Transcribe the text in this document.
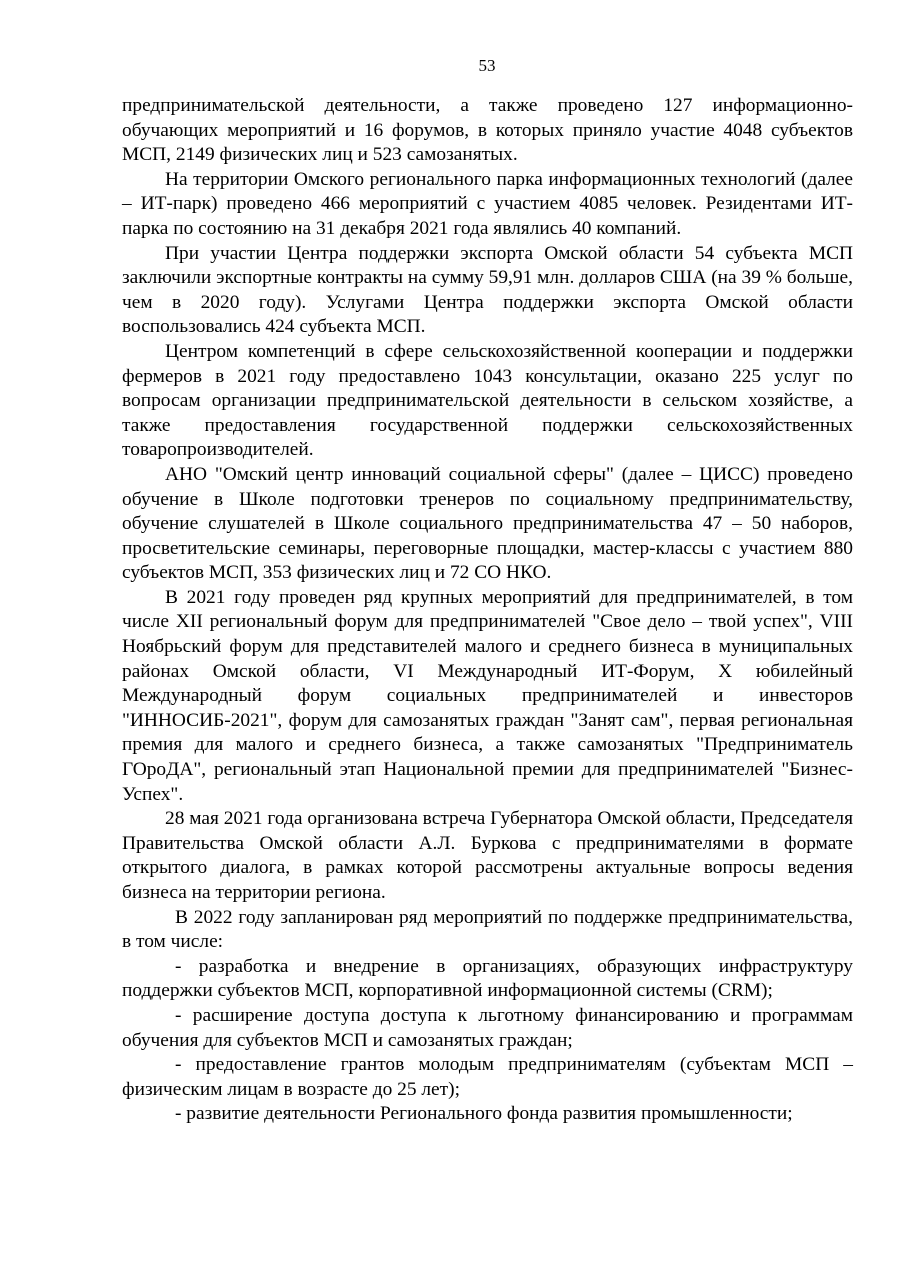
53

предпринимательской деятельности, а также проведено 127 информационно-обучающих мероприятий и 16 форумов, в которых приняло участие 4048 субъектов МСП, 2149 физических лиц и 523 самозанятых.

На территории Омского регионального парка информационных технологий (далее – ИТ-парк) проведено 466 мероприятий с участием 4085 человек. Резидентами ИТ-парка по состоянию на 31 декабря 2021 года являлись 40 компаний.

При участии Центра поддержки экспорта Омской области 54 субъекта МСП заключили экспортные контракты на сумму 59,91 млн. долларов США (на 39 % больше, чем в 2020 году). Услугами Центра поддержки экспорта Омской области воспользовались 424 субъекта МСП.

Центром компетенций в сфере сельскохозяйственной кооперации и поддержки фермеров в 2021 году предоставлено 1043 консультации, оказано 225 услуг по вопросам организации предпринимательской деятельности в сельском хозяйстве, а также предоставления государственной поддержки сельскохозяйственных товаропроизводителей.

АНО "Омский центр инноваций социальной сферы" (далее – ЦИСС) проведено обучение в Школе подготовки тренеров по социальному предпринимательству, обучение слушателей в Школе социального предпринимательства 47 – 50 наборов, просветительские семинары, переговорные площадки, мастер-классы с участием 880 субъектов МСП, 353 физических лиц и 72 СО НКО.

В 2021 году проведен ряд крупных мероприятий для предпринимателей, в том числе XII региональный форум для предпринимателей "Свое дело – твой успех", VIII Ноябрьский форум для представителей малого и среднего бизнеса в муниципальных районах Омской области, VI Международный ИТ-Форум, X юбилейный Международный форум социальных предпринимателей и инвесторов "ИННОСИБ-2021", форум для самозанятых граждан "Занят сам", первая региональная премия для малого и среднего бизнеса, а также самозанятых "Предприниматель ГОроДА", региональный этап Национальной премии для предпринимателей "Бизнес-Успех".

28 мая 2021 года организована встреча Губернатора Омской области, Председателя Правительства Омской области А.Л. Буркова с предпринимателями в формате открытого диалога, в рамках которой рассмотрены актуальные вопросы ведения бизнеса на территории региона.

В 2022 году запланирован ряд мероприятий по поддержке предпринимательства, в том числе:

- разработка и внедрение в организациях, образующих инфраструктуру поддержки субъектов МСП, корпоративной информационной системы (CRM);

- расширение доступа доступа к льготному финансированию и программам обучения для субъектов МСП и самозанятых граждан;

- предоставление грантов молодым предпринимателям (субъектам МСП – физическим лицам в возрасте до 25 лет);

- развитие деятельности Регионального фонда развития промышленности;
